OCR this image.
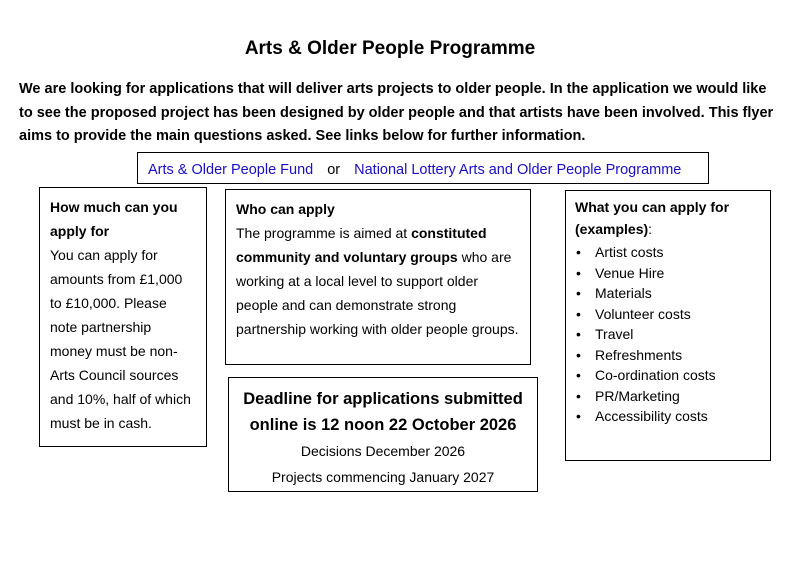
Arts & Older People Programme
We are looking for applications that will deliver arts projects to older people. In the application we would like to see the proposed project has been designed by older people and that artists have been involved. This flyer aims to provide the main questions asked. See links below for further information.
Arts & Older People Fund or National Lottery Arts and Older People Programme
How much can you apply for
You can apply for amounts from £1,000 to £10,000. Please note partnership money must be non-Arts Council sources and 10%, half of which must be in cash.
Who can apply
The programme is aimed at constituted community and voluntary groups who are working at a local level to support older people and can demonstrate strong partnership working with older people groups.
What you can apply for (examples):
• Artist costs
• Venue Hire
• Materials
• Volunteer costs
• Travel
• Refreshments
• Co-ordination costs
• PR/Marketing
• Accessibility costs
Deadline for applications submitted online is 12 noon 22 October 2026
Decisions December 2026
Projects commencing January 2027
